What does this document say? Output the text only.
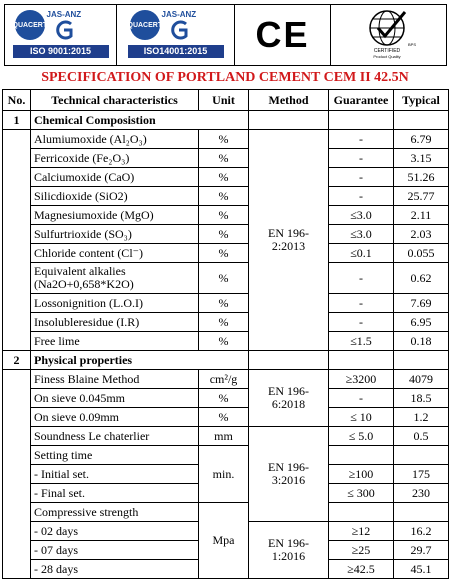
QUACERT
JAS-ANZ
ISO 9001:2015

QUACERT
JAS-ANZ
ISO14001:2015	CE	CERTIFIED
Product Quality
BPS
SPECIFICATION OF PORTLAND CEMENT CEM II 42.5N
No.	Technical characteristics	Unit	Method	Guarantee	Typical
1	Chemical Composistion				
	Alumiumoxide (Al₂O₃)	%	EN 196-2:2013	-	6.79
	Ferricoxide (Fe₂O₃)	%		-	3.15
	Calciumoxide (CaO)	%		-	51.26
	Silicdioxide (SiO2)	%		-	25.77
	Magnesiumoxide (MgO)	%		≤3.0	2.11
	Sulfurtrioxide (SO₃)	%		≤3.0	2.03
	Chloride content (Cl⁻)	%		≤0.1	0.055
	Equivalent alkalies (Na2O+0,658*K2O)	%		-	0.62
	Lossonignition (L.O.I)	%		-	7.69
	Insolubleresidue (I.R)	%		-	6.95
	Free lime	%		≤1.5	0.18
2	Physical properties				
	Finess Blaine Method	cm²/g	EN 196-6:2018	≥3200	4079
	On sieve 0.045mm	%		-	18.5
	On sieve 0.09mm	%		≤ 10	1.2
	Soundness Le chaterlier	mm	EN 196-3:2016	≤ 5.0	0.5
	Setting time	min.			
	- Initial set.			≥100	175
	- Final set.			≤ 300	230
	Compressive strength	Mpa			
	- 02 days		EN 196-1:2016	≥12	16.2
	- 07 days			≥25	29.7
	- 28 days			≥42.5	45.1
